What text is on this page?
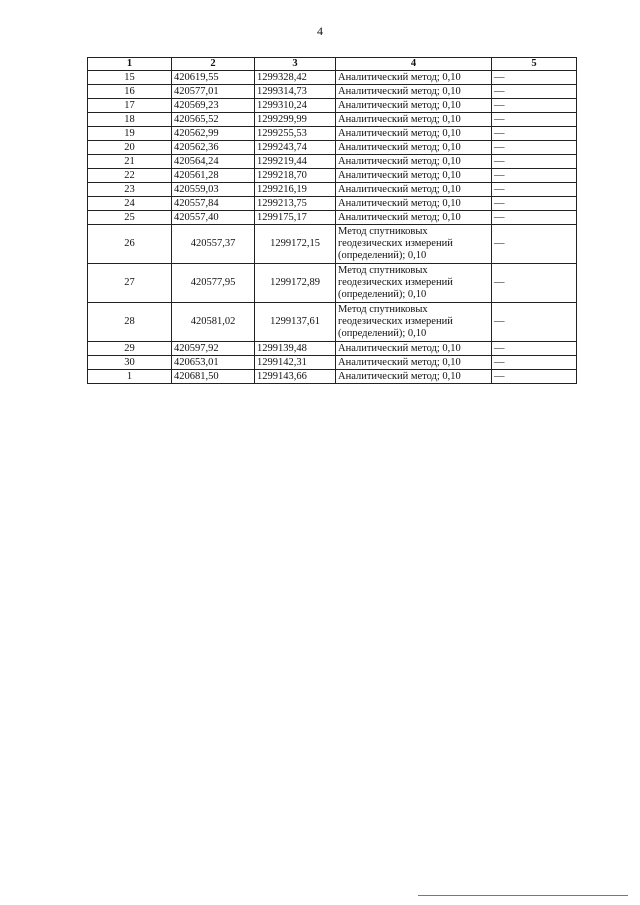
4
1	2	3	4	5
15	420619,55	1299328,42	Аналитический метод; 0,10	—
16	420577,01	1299314,73	Аналитический метод; 0,10	—
17	420569,23	1299310,24	Аналитический метод; 0,10	—
18	420565,52	1299299,99	Аналитический метод; 0,10	—
19	420562,99	1299255,53	Аналитический метод; 0,10	—
20	420562,36	1299243,74	Аналитический метод; 0,10	—
21	420564,24	1299219,44	Аналитический метод; 0,10	—
22	420561,28	1299218,70	Аналитический метод; 0,10	—
23	420559,03	1299216,19	Аналитический метод; 0,10	—
24	420557,84	1299213,75	Аналитический метод; 0,10	—
25	420557,40	1299175,17	Аналитический метод; 0,10	—
26	420557,37	1299172,15	Метод спутниковых
геодезических измерений
(определений); 0,10	—
27	420577,95	1299172,89	Метод спутниковых
геодезических измерений
(определений); 0,10	—
28	420581,02	1299137,61	Метод спутниковых
геодезических измерений
(определений); 0,10	—
29	420597,92	1299139,48	Аналитический метод; 0,10	—
30	420653,01	1299142,31	Аналитический метод; 0,10	—
1	420681,50	1299143,66	Аналитический метод; 0,10	—
